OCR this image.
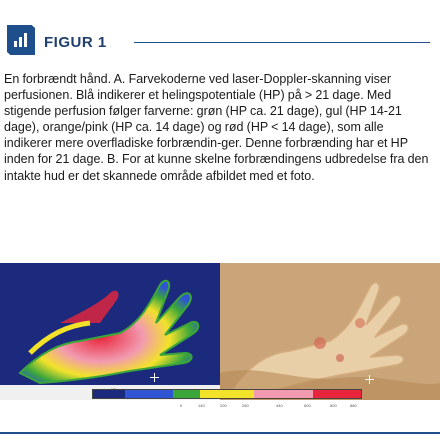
FIGUR 1

En forbrændt hånd. A. Farvekoderne ved laser-Doppler-skanning viser perfusionen. Blå indikerer et helingspotentiale (HP) på > 21 dage. Med stigende perfusion følger farverne: grøn (HP ca. 21 dage), gul (HP 14-21 dage), orange/pink (HP ca. 14 dage) og rød (HP < 14 dage), som alle indikerer mere overfladiske forbrændin-ger. Denne forbrænding har et HP inden for 21 dage. B. For at kunne skelne forbrændingens udbredelse fra den intakte hud er det skannede område afbildet med et foto.

0	140	200	260	440	600	800	880
